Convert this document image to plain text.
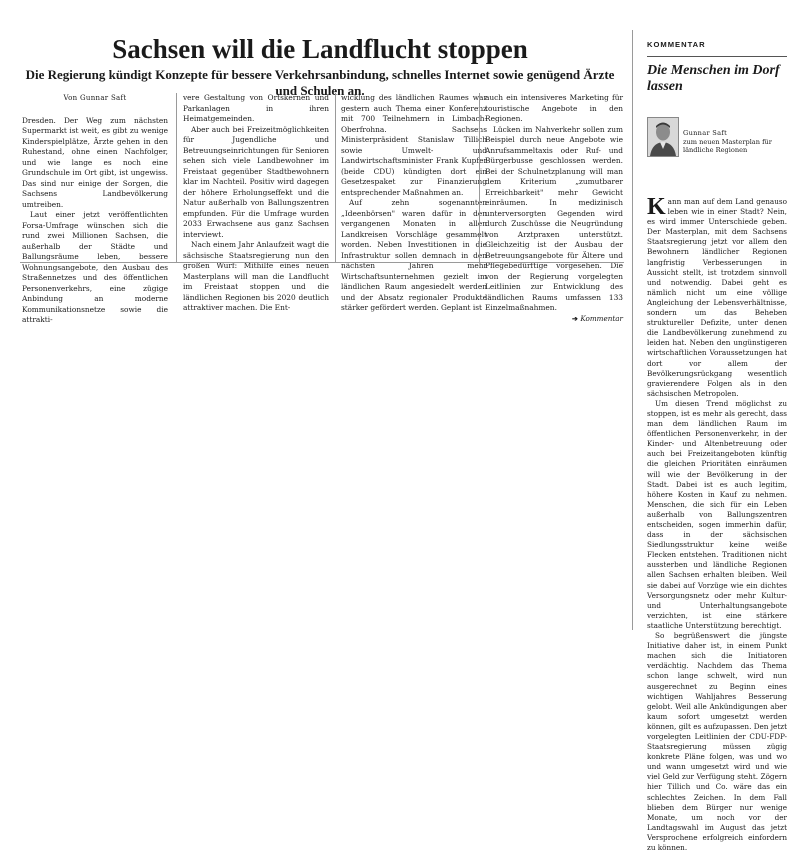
Sachsen will die Landflucht stoppen
Die Regierung kündigt Konzepte für bessere Verkehrsanbindung, schnelles Internet sowie genügend Ärzte und Schulen an.
Von Gunnar Saft

Dresden. Der Weg zum nächsten Supermarkt ist weit, es gibt zu wenige Kinderspielplätze, Ärzte gehen in den Ruhestand, ohne einen Nachfolger, und wie lange es noch eine Grundschule im Ort gibt, ist ungewiss. Das sind nur einige der Sorgen, die Sachsens Landbevölkerung umtreiben.

Laut einer jetzt veröffentlichten Forsa-Umfrage wünschen sich die rund zwei Millionen Sachsen, die außerhalb der Städte und Ballungsräume leben, bessere Wohnungsangebote, den Ausbau des Straßennetzes und des öffentlichen Personenverkehrs, eine zügige Anbindung an moderne Kommunikationsnetze sowie die attrakti-

vere Gestaltung von Ortskernen und Parkanlagen in ihren Heimatgemeinden.

Aber auch bei Freizeitmöglichkeiten für Jugendliche und Betreuungseinrichtungen für Senioren sehen sich viele Landbewohner im Freistaat gegenüber Stadtbewohnern klar im Nachteil. Positiv wird dagegen der höhere Erholungseffekt und die Natur außerhalb von Ballungszentren empfunden. Für die Umfrage wurden 2033 Erwachsene aus ganz Sachsen interviewt.

Nach einem Jahr Anlaufzeit wagt die sächsische Staatsregierung nun den großen Wurf: Mithilfe eines neuen Masterplans will man die Landflucht im Freistaat stoppen und die ländlichen Regionen bis 2020 deutlich attraktiver machen. Die Ent-

wicklung des ländlichen Raumes war gestern auch Thema einer Konferenz mit 700 Teilnehmern in Limbach-Oberfrohna. Sachsens Ministerpräsident Stanislaw Tillich sowie Umwelt- und Landwirtschaftsminister Frank Kupfer (beide CDU) kündigten dort ein Gesetzespaket zur Finanzierung entsprechender Maßnahmen an.

Auf zehn sogenannten „Ideenbörsen" waren dafür in den vergangenen Monaten in allen Landkreisen Vorschläge gesammelt worden. Neben Investitionen in die Infrastruktur sollen demnach in den nächsten Jahren mehr Wirtschaftsunternehmen gezielt im ländlichen Raum angesiedelt werden und der Absatz regionaler Produkte stärker gefördert werden. Geplant ist

auch ein intensiveres Marketing für touristische Angebote in den Regionen.

Lücken im Nahverkehr sollen zum Beispiel durch neue Angebote wie Anrufsammeltaxis oder Ruf- und Bürgerbusse geschlossen werden. Bei der Schulnetzplanung will man dem Kriterium „zumutbarer Erreichbarkeit" mehr Gewicht einräumen. In medizinisch unterversorgten Gegenden wird durch Zuschüsse die Neugründung von Arztpraxen unterstützt. Gleichzeitig ist der Ausbau der Betreuungsangebote für Ältere und Pflegebedürftige vorgesehen. Die von der Regierung vorgelegten Leitlinien zur Entwicklung des ländlichen Raums umfassen 133 Einzelmaßnahmen.

➔ Kommentar
KOMMENTAR
Die Menschen im Dorf lassen
Gunnar Saft
zum neuen Masterplan für ländliche Regionen

Kann man auf dem Land genauso leben wie in einer Stadt? Nein, es wird immer Unterschiede geben. Der Masterplan, mit dem Sachsens Staatsregierung jetzt vor allem den Bewohnern ländlicher Regionen langfristig Verbesserungen in Aussicht stellt, ist trotzdem sinnvoll und notwendig. Dabei geht es nämlich nicht um eine völlige Angleichung der Lebensverhältnisse, sondern um das Beheben struktureller Defizite, unter denen die Landbevölkerung zunehmend zu leiden hat. Neben den ungünstigeren wirtschaftlichen Voraussetzungen hat dort vor allem der Bevölkerungsrückgang wesentlich gravierendere Folgen als in den sächsischen Metropolen.

Um diesen Trend möglichst zu stoppen, ist es mehr als gerecht, dass man dem ländlichen Raum im öffentlichen Personenverkehr, in der Kinder- und Altenbetreuung oder auch bei Freizeitangeboten künftig die gleichen Prioritäten einräumen will wie der Bevölkerung in der Stadt. Dabei ist es auch legitim, höhere Kosten in Kauf zu nehmen. Menschen, die sich für ein Leben außerhalb von Ballungszentren entscheiden, sogen immerhin dafür, dass in der sächsischen Siedlungsstruktur keine weiße Flecken entstehen. Traditionen nicht aussterben und ländliche Regionen allen Sachsen erhalten bleiben. Weil sie dabei auf Vorzüge wie ein dichtes Versorgungsnetz oder mehr Kultur- und Unterhaltungsangebote verzichten, ist eine stärkere staatliche Unterstützung berechtigt.

So begrüßenswert die jüngste Initiative daher ist, in einem Punkt machen sich die Initiatoren verdächtig. Nachdem das Thema schon lange schwelt, wird nun ausgerechnet zu Beginn eines wichtigen Wahljahres Besserung gelobt. Weil alle Ankündigungen aber kaum sofort umgesetzt werden können, gilt es aufzupassen. Den jetzt vorgelegten Leitlinien der CDU-FDP-Staatsregierung müssen zügig konkrete Pläne folgen, was und wo und wann umgesetzt wird und wie viel Geld zur Verfügung steht. Zögern hier Tillich und Co. wäre das ein schlechtes Zeichen. In dem Fall blieben dem Bürger nur wenige Monate, um noch vor der Landtagswahl im August das jetzt Versprochene erfolgreich einfordern zu können.
